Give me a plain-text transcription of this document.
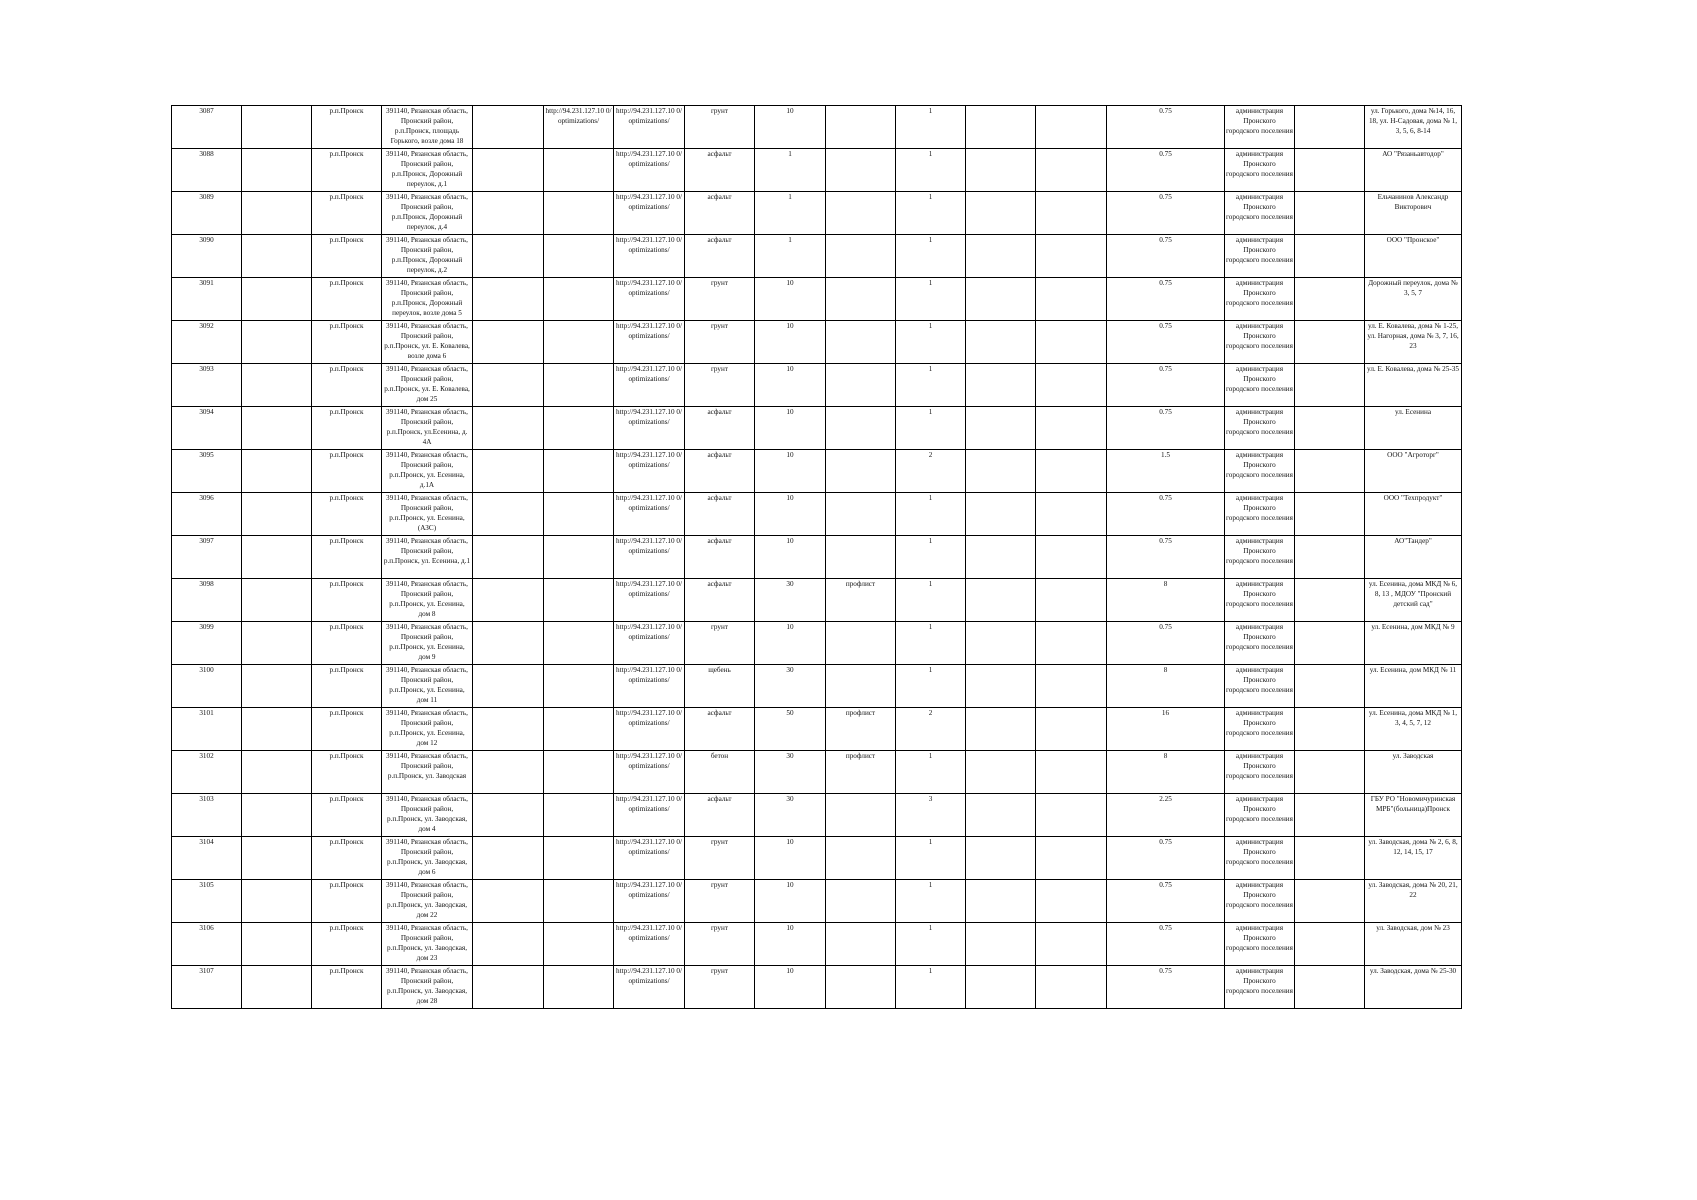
3087		р.п.Пронск	391140, Рязанская область, Пронский район, р.п.Пронск, площадь Горького, возле дома 18		http://94.231.127.10 0/optimizations/	http://94.231.127.10 0/optimizations/	грунт	10		1			0.75	администрация Пронского городского поселения		ул. Горького, дома №14, 16, 18, ул. Н-Садовая, дома № 1, 3, 5, 6, 8-14
3088		р.п.Пронск	391140, Рязанская область, Пронский район, р.п.Пронск, Дорожный переулок, д.1			http://94.231.127.10 0/optimizations/	асфальт	1		1			0.75	администрация Пронского городского поселения		АО "Рязаньавтодор"
3089		р.п.Пронск	391140, Рязанская область, Пронский район, р.п.Пронск, Дорожный переулок, д.4			http://94.231.127.10 0/optimizations/	асфальт	1		1			0.75	администрация Пронского городского поселения		Ельчанинов Александр Викторович
3090		р.п.Пронск	391140, Рязанская область, Пронский район, р.п.Пронск, Дорожный переулок, д.2			http://94.231.127.10 0/optimizations/	асфальт	1		1			0.75	администрация Пронского городского поселения		ООО "Пронское"
3091		р.п.Пронск	391140, Рязанская область, Пронский район, р.п.Пронск, Дорожный переулок, возле дома 5			http://94.231.127.10 0/optimizations/	грунт	10		1			0.75	администрация Пронского городского поселения		Дорожный переулок, дома № 3, 5, 7
3092		р.п.Пронск	391140, Рязанская область, Пронский район, р.п.Пронск, ул. Е. Ковалева, возле дома 6			http://94.231.127.10 0/optimizations/	грунт	10		1			0.75	администрация Пронского городского поселения		ул. Е. Ковалева, дома № 1-25, ул. Нагорная, дома № 3, 7, 16, 23
3093		р.п.Пронск	391140, Рязанская область, Пронский район, р.п.Пронск, ул. Е. Ковалева, дом 25			http://94.231.127.10 0/optimizations/	грунт	10		1			0.75	администрация Пронского городского поселения		ул. Е. Ковалева, дома № 25-35
3094		р.п.Пронск	391140, Рязанская область, Пронский район, р.п.Пронск, ул.Есенина, д. 4А			http://94.231.127.10 0/optimizations/	асфальт	10		1			0.75	администрация Пронского городского поселения		ул. Есенина
3095		р.п.Пронск	391140, Рязанская область, Пронский район, р.п.Пронск, ул. Есенина, д.1А			http://94.231.127.10 0/optimizations/	асфальт	10		2			1.5	администрация Пронского городского поселения		ООО "Агроторг"
3096		р.п.Пронск	391140, Рязанская область, Пронский район, р.п.Пронск, ул. Есенина, (АЗС)			http://94.231.127.10 0/optimizations/	асфальт	10		1			0.75	администрация Пронского городского поселения		ООО "Техпродукт"
3097		р.п.Пронск	391140, Рязанская область, Пронский район, р.п.Пронск, ул. Есенина, д.1			http://94.231.127.10 0/optimizations/	асфальт	10		1			0.75	администрация Пронского городского поселения		АО"Тандер"
3098		р.п.Пронск	391140, Рязанская область, Пронский район, р.п.Пронск, ул. Есенина, дом 8			http://94.231.127.10 0/optimizations/	асфальт	30	профлист	1			8	администрация Пронского городского поселения		ул. Есенина, дома МКД № 6, 8, 13 , МДОУ "Пронский детский сад"
3099		р.п.Пронск	391140, Рязанская область, Пронский район, р.п.Пронск, ул. Есенина, дом 9			http://94.231.127.10 0/optimizations/	грунт	10		1			0.75	администрация Пронского городского поселения		ул. Есенина, дом МКД № 9
3100		р.п.Пронск	391140, Рязанская область, Пронский район, р.п.Пронск, ул. Есенина, дом 11			http://94.231.127.10 0/optimizations/	щебень	30		1			8	администрация Пронского городского поселения		ул. Есенина, дом МКД № 11
3101		р.п.Пронск	391140, Рязанская область, Пронский район, р.п.Пронск, ул. Есенина, дом 12			http://94.231.127.10 0/optimizations/	асфальт	50	профлист	2			16	администрация Пронского городского поселения		ул. Есенина, дома МКД № 1, 3, 4, 5, 7, 12
3102		р.п.Пронск	391140, Рязанская область, Пронский район, р.п.Пронск, ул. Заводская			http://94.231.127.10 0/optimizations/	бетон	30	профлист	1			8	администрация Пронского городского поселения		ул. Заводская
3103		р.п.Пронск	391140, Рязанская область, Пронский район, р.п.Пронск, ул. Заводская, дом 4			http://94.231.127.10 0/optimizations/	асфальт	30		3			2.25	администрация Пронского городского поселения		ГБУ РО "Новомичуринская МРБ"(больница)Пронск
3104		р.п.Пронск	391140, Рязанская область, Пронский район, р.п.Пронск, ул. Заводская, дом 6			http://94.231.127.10 0/optimizations/	грунт	10		1			0.75	администрация Пронского городского поселения		ул. Заводская, дома № 2, 6, 8, 12, 14, 15, 17
3105		р.п.Пронск	391140, Рязанская область, Пронский район, р.п.Пронск, ул. Заводская, дом 22			http://94.231.127.10 0/optimizations/	грунт	10		1			0.75	администрация Пронского городского поселения		ул. Заводская, дома № 20, 21, 22
3106		р.п.Пронск	391140, Рязанская область, Пронский район, р.п.Пронск, ул. Заводская, дом 23			http://94.231.127.10 0/optimizations/	грунт	10		1			0.75	администрация Пронского городского поселения		ул. Заводская, дом № 23
3107		р.п.Пронск	391140, Рязанская область, Пронский район, р.п.Пронск, ул. Заводская, дом 28			http://94.231.127.10 0/optimizations/	грунт	10		1			0.75	администрация Пронского городского поселения		ул. Заводская, дома № 25-30
